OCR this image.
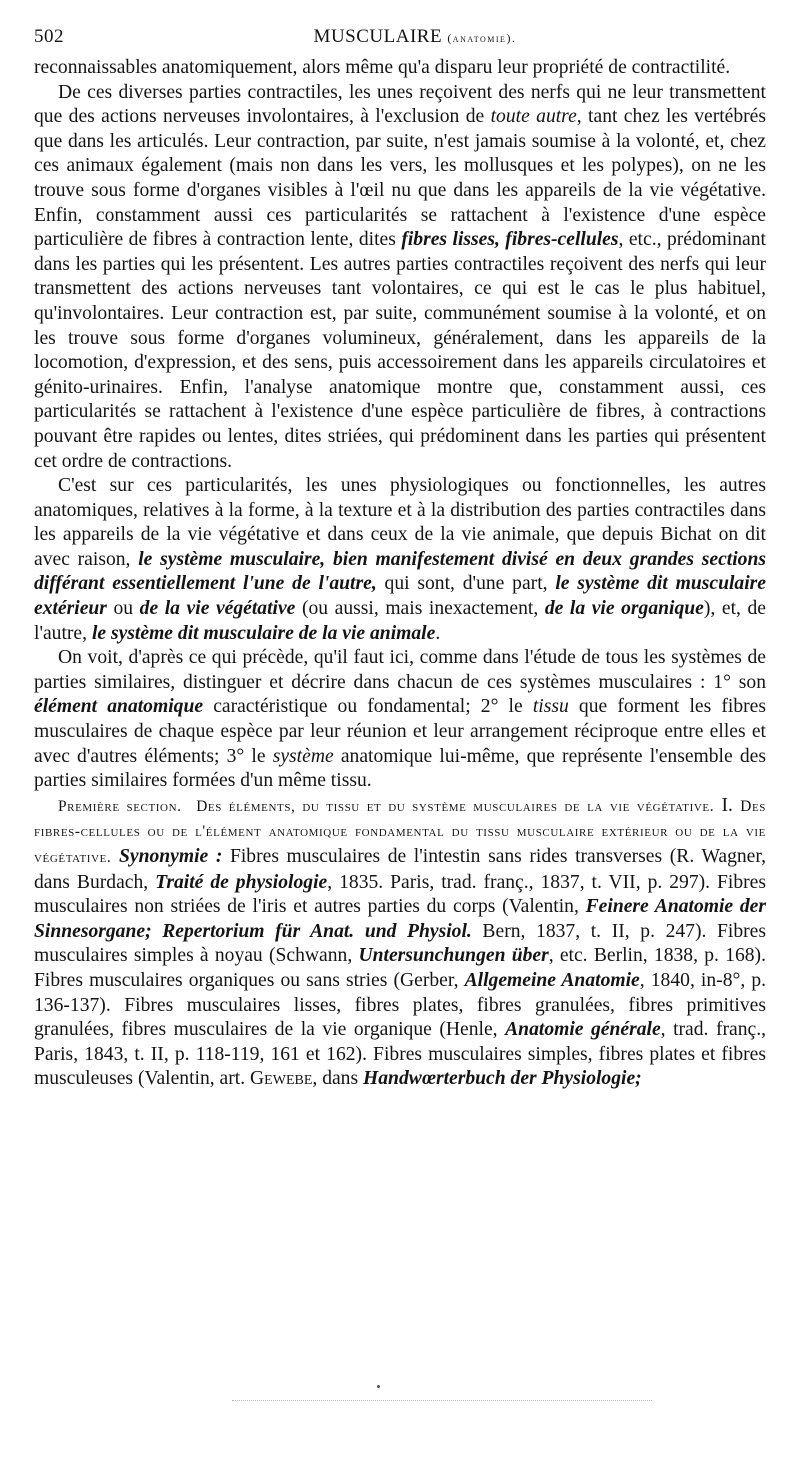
502	MUSCULAIRE (anatomie).

reconnaissables anatomiquement, alors même qu'a disparu leur propriété de contractilité.

De ces diverses parties contractiles, les unes reçoivent des nerfs qui ne leur transmettent que des actions nerveuses involontaires, à l'exclusion de toute autre, tant chez les vertébrés que dans les articulés. Leur contraction, par suite, n'est jamais soumise à la volonté, et, chez ces animaux également (mais non dans les vers, les mollusques et les polypes), on ne les trouve sous forme d'organes visibles à l'œil nu que dans les appareils de la vie végétative. Enfin, constamment aussi ces particularités se rattachent à l'existence d'une espèce particulière de fibres à contraction lente, dites fibres lisses, fibres-cellules, etc., prédominant dans les parties qui les présentent. Les autres parties contractiles reçoivent des nerfs qui leur transmettent des actions nerveuses tant volontaires, ce qui est le cas le plus habituel, qu'involontaires. Leur contraction est, par suite, communément soumise à la volonté, et on les trouve sous forme d'organes volumineux, généralement, dans les appareils de la locomotion, d'expression, et des sens, puis accessoirement dans les appareils circulatoires et génito-urinaires. Enfin, l'analyse anatomique montre que, constamment aussi, ces particularités se rattachent à l'existence d'une espèce particulière de fibres, à contractions pouvant être rapides ou lentes, dites striées, qui prédominent dans les parties qui présentent cet ordre de contractions.

C'est sur ces particularités, les unes physiologiques ou fonctionnelles, les autres anatomiques, relatives à la forme, à la texture et à la distribution des parties contractiles dans les appareils de la vie végétative et dans ceux de la vie animale, que depuis Bichat on dit avec raison, le système musculaire, bien manifestement divisé en deux grandes sections différant essentiellement l'une de l'autre, qui sont, d'une part, le système dit musculaire extérieur ou de la vie végétative (ou aussi, mais inexactement, de la vie organique), et, de l'autre, le système dit musculaire de la vie animale.

On voit, d'après ce qui précède, qu'il faut ici, comme dans l'étude de tous les systèmes de parties similaires, distinguer et décrire dans chacun de ces systèmes musculaires : 1° son élément anatomique caractéristique ou fondamental; 2° le tissu que forment les fibres musculaires de chaque espèce par leur réunion et leur arrangement réciproque entre elles et avec d'autres éléments; 3° le système anatomique lui-même, que représente l'ensemble des parties similaires formées d'un même tissu.

Première section. Des éléments, du tissu et du système musculaires de la vie végétative. I. Des fibres-cellules ou de l'élément anatomique fondamental du tissu musculaire extérieur ou de la vie végétative. Synonymie : Fibres musculaires de l'intestin sans rides transverses (R. Wagner, dans Burdach, Traité de physiologie, 1835. Paris, trad. franç., 1837, t. VII, p. 297). Fibres musculaires non striées de l'iris et autres parties du corps (Valentin, Feinere Anatomie der Sinnesorgane; Repertorium für Anat. und Physiol. Bern, 1837, t. II, p. 247). Fibres musculaires simples à noyau (Schwann, Untersunchungen über, etc. Berlin, 1838, p. 168). Fibres musculaires organiques ou sans stries (Gerber, Allgemeine Anatomie, 1840, in-8°, p. 136-137). Fibres musculaires lisses, fibres plates, fibres granulées, fibres primitives granulées, fibres musculaires de la vie organique (Henle, Anatomie générale, trad. franç., Paris, 1843, t. II, p. 118-119, 161 et 162). Fibres musculaires simples, fibres plates et fibres musculeuses (Valentin, art. Gewebe, dans Handwœrterbuch der Physiologie;
